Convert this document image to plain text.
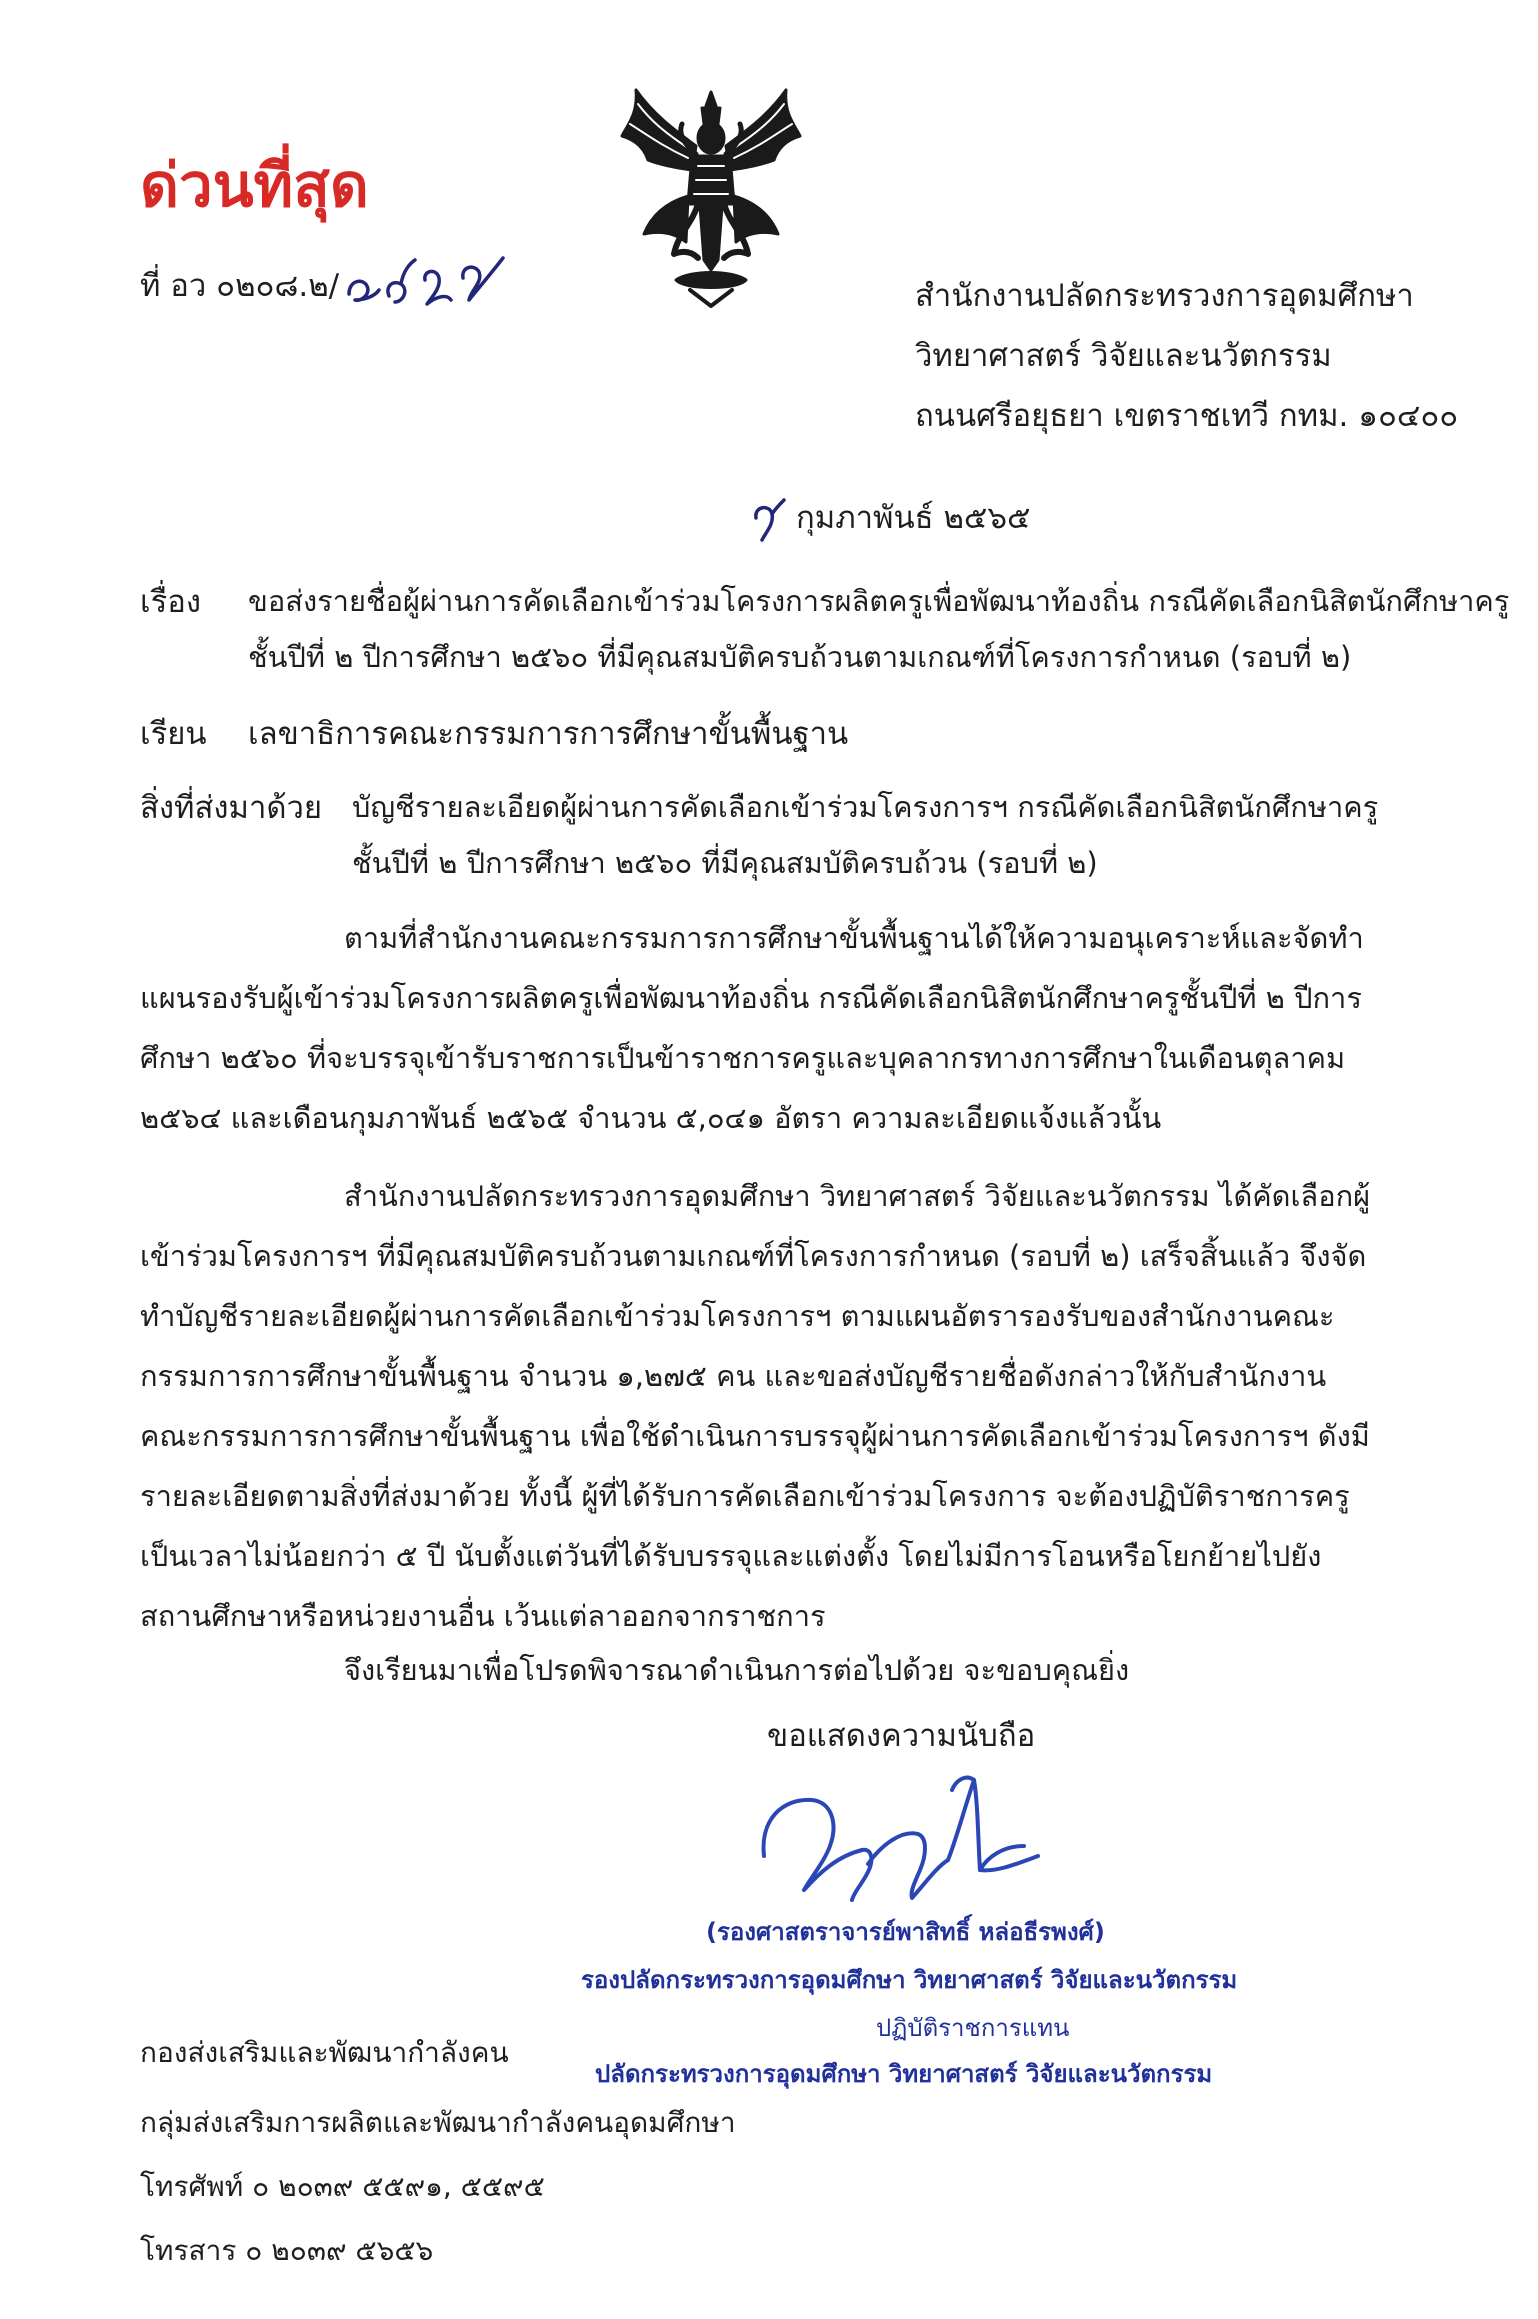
ด่วนที่สุด
ที่ อว ๐๒๐๘.๒/	สำนักงานปลัดกระทรวงการอุดมศึกษา
วิทยาศาสตร์ วิจัยและนวัตกรรม
ถนนศรีอยุธยา เขตราชเทวี กทม. ๑๐๔๐๐
กุมภาพันธ์ ๒๕๖๕
เรื่อง ขอส่งรายชื่อผู้ผ่านการคัดเลือกเข้าร่วมโครงการผลิตครูเพื่อพัฒนาท้องถิ่น กรณีคัดเลือกนิสิตนักศึกษาครู
ชั้นปีที่ ๒ ปีการศึกษา ๒๕๖๐ ที่มีคุณสมบัติครบถ้วนตามเกณฑ์ที่โครงการกำหนด (รอบที่ ๒)
เรียน เลขาธิการคณะกรรมการการศึกษาขั้นพื้นฐาน
สิ่งที่ส่งมาด้วย บัญชีรายละเอียดผู้ผ่านการคัดเลือกเข้าร่วมโครงการฯ กรณีคัดเลือกนิสิตนักศึกษาครู
ชั้นปีที่ ๒ ปีการศึกษา ๒๕๖๐ ที่มีคุณสมบัติครบถ้วน (รอบที่ ๒)

ตามที่สำนักงานคณะกรรมการการศึกษาขั้นพื้นฐานได้ให้ความอนุเคราะห์และจัดทำแผนรองรับผู้เข้าร่วมโครงการผลิตครูเพื่อพัฒนาท้องถิ่น กรณีคัดเลือกนิสิตนักศึกษาครูชั้นปีที่ ๒ ปีการศึกษา ๒๕๖๐ ที่จะบรรจุเข้ารับราชการเป็นข้าราชการครูและบุคลากรทางการศึกษาในเดือนตุลาคม ๒๕๖๔ และเดือนกุมภาพันธ์ ๒๕๖๕ จำนวน ๕,๐๔๑ อัตรา ความละเอียดแจ้งแล้วนั้น

สำนักงานปลัดกระทรวงการอุดมศึกษา วิทยาศาสตร์ วิจัยและนวัตกรรม ได้คัดเลือกผู้เข้าร่วมโครงการฯ ที่มีคุณสมบัติครบถ้วนตามเกณฑ์ที่โครงการกำหนด (รอบที่ ๒) เสร็จสิ้นแล้ว จึงจัดทำบัญชีรายละเอียดผู้ผ่านการคัดเลือกเข้าร่วมโครงการฯ ตามแผนอัตรารองรับของสำนักงานคณะกรรมการการศึกษาขั้นพื้นฐาน จำนวน ๑,๒๗๕ คน และขอส่งบัญชีรายชื่อดังกล่าวให้กับสำนักงานคณะกรรมการการศึกษาขั้นพื้นฐาน เพื่อใช้ดำเนินการบรรจุผู้ผ่านการคัดเลือกเข้าร่วมโครงการฯ ดังมีรายละเอียดตามสิ่งที่ส่งมาด้วย ทั้งนี้ ผู้ที่ได้รับการคัดเลือกเข้าร่วมโครงการ จะต้องปฏิบัติราชการครูเป็นเวลาไม่น้อยกว่า ๕ ปี นับตั้งแต่วันที่ได้รับบรรจุและแต่งตั้ง โดยไม่มีการโอนหรือโยกย้ายไปยังสถานศึกษาหรือหน่วยงานอื่น เว้นแต่ลาออกจากราชการ

จึงเรียนมาเพื่อโปรดพิจารณาดำเนินการต่อไปด้วย จะขอบคุณยิ่ง

ขอแสดงความนับถือ
(รองศาสตราจารย์พาสิทธิ์ หล่อธีรพงศ์)
รองปลัดกระทรวงการอุดมศึกษา วิทยาศาสตร์ วิจัยและนวัตกรรม
ปฏิบัติราชการแทน
ปลัดกระทรวงการอุดมศึกษา วิทยาศาสตร์ วิจัยและนวัตกรรม
กองส่งเสริมและพัฒนากำลังคน
กลุ่มส่งเสริมการผลิตและพัฒนากำลังคนอุดมศึกษา
โทรศัพท์ ๐ ๒๐๓๙ ๕๕๙๑, ๕๕๙๕
โทรสาร ๐ ๒๐๓๙ ๕๖๕๖
